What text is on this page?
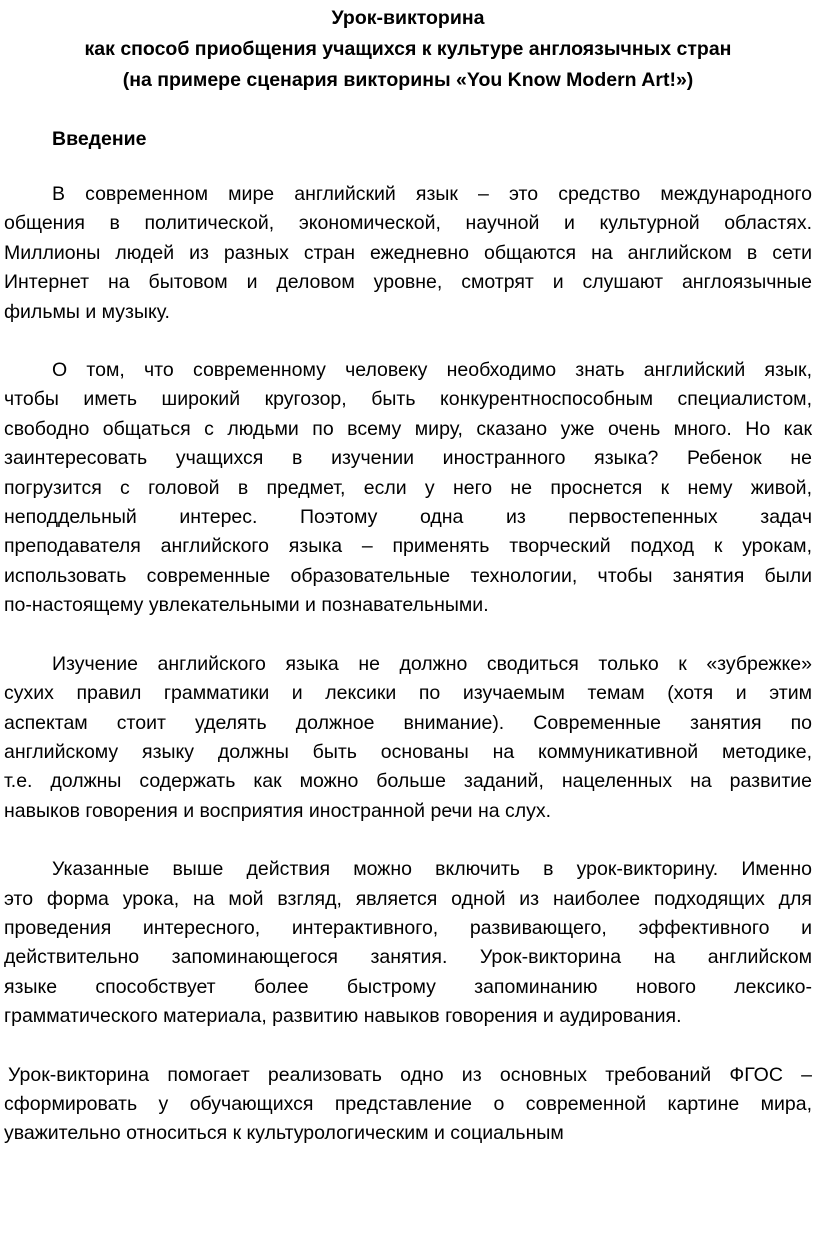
Урок-викторина
как способ приобщения учащихся к культуре англоязычных стран
(на примере сценария викторины «You Know Modern Art!»)
Введение
В современном мире английский язык – это средство международного
общения в политической, экономической, научной и культурной областях.
Миллионы людей из разных стран ежедневно общаются на английском в сети
Интернет на бытовом и деловом уровне, смотрят и слушают англоязычные
фильмы и музыку.
О том, что современному человеку необходимо знать английский язык,
чтобы иметь широкий кругозор, быть конкурентноспособным специалистом,
свободно общаться с людьми по всему миру, сказано уже очень много. Но как
заинтересовать учащихся в изучении иностранного языка? Ребенок не
погрузится с головой в предмет, если у него не проснется к нему живой,
неподдельный интерес. Поэтому одна из первостепенных задач
преподавателя английского языка – применять творческий подход к урокам,
использовать современные образовательные технологии, чтобы занятия были
по-настоящему увлекательными и познавательными.
Изучение английского языка не должно сводиться только к «зубрежке»
сухих правил грамматики и лексики по изучаемым темам (хотя и этим
аспектам стоит уделять должное внимание). Современные занятия по
английскому языку должны быть основаны на коммуникативной методике,
т.е. должны содержать как можно больше заданий, нацеленных на развитие
навыков говорения и восприятия иностранной речи на слух.
Указанные выше действия можно включить в урок-викторину. Именно
это форма урока, на мой взгляд, является одной из наиболее подходящих для
проведения интересного, интерактивного, развивающего, эффективного и
действительно запоминающегося занятия. Урок-викторина на английском
языке способствует более быстрому запоминанию нового лексико-
грамматического материала, развитию навыков говорения и аудирования.
Урок-викторина помогает реализовать одно из основных требований ФГОС –
сформировать у обучающихся представление о современной картине мира,
уважительно относиться к культурологическим и социальным
